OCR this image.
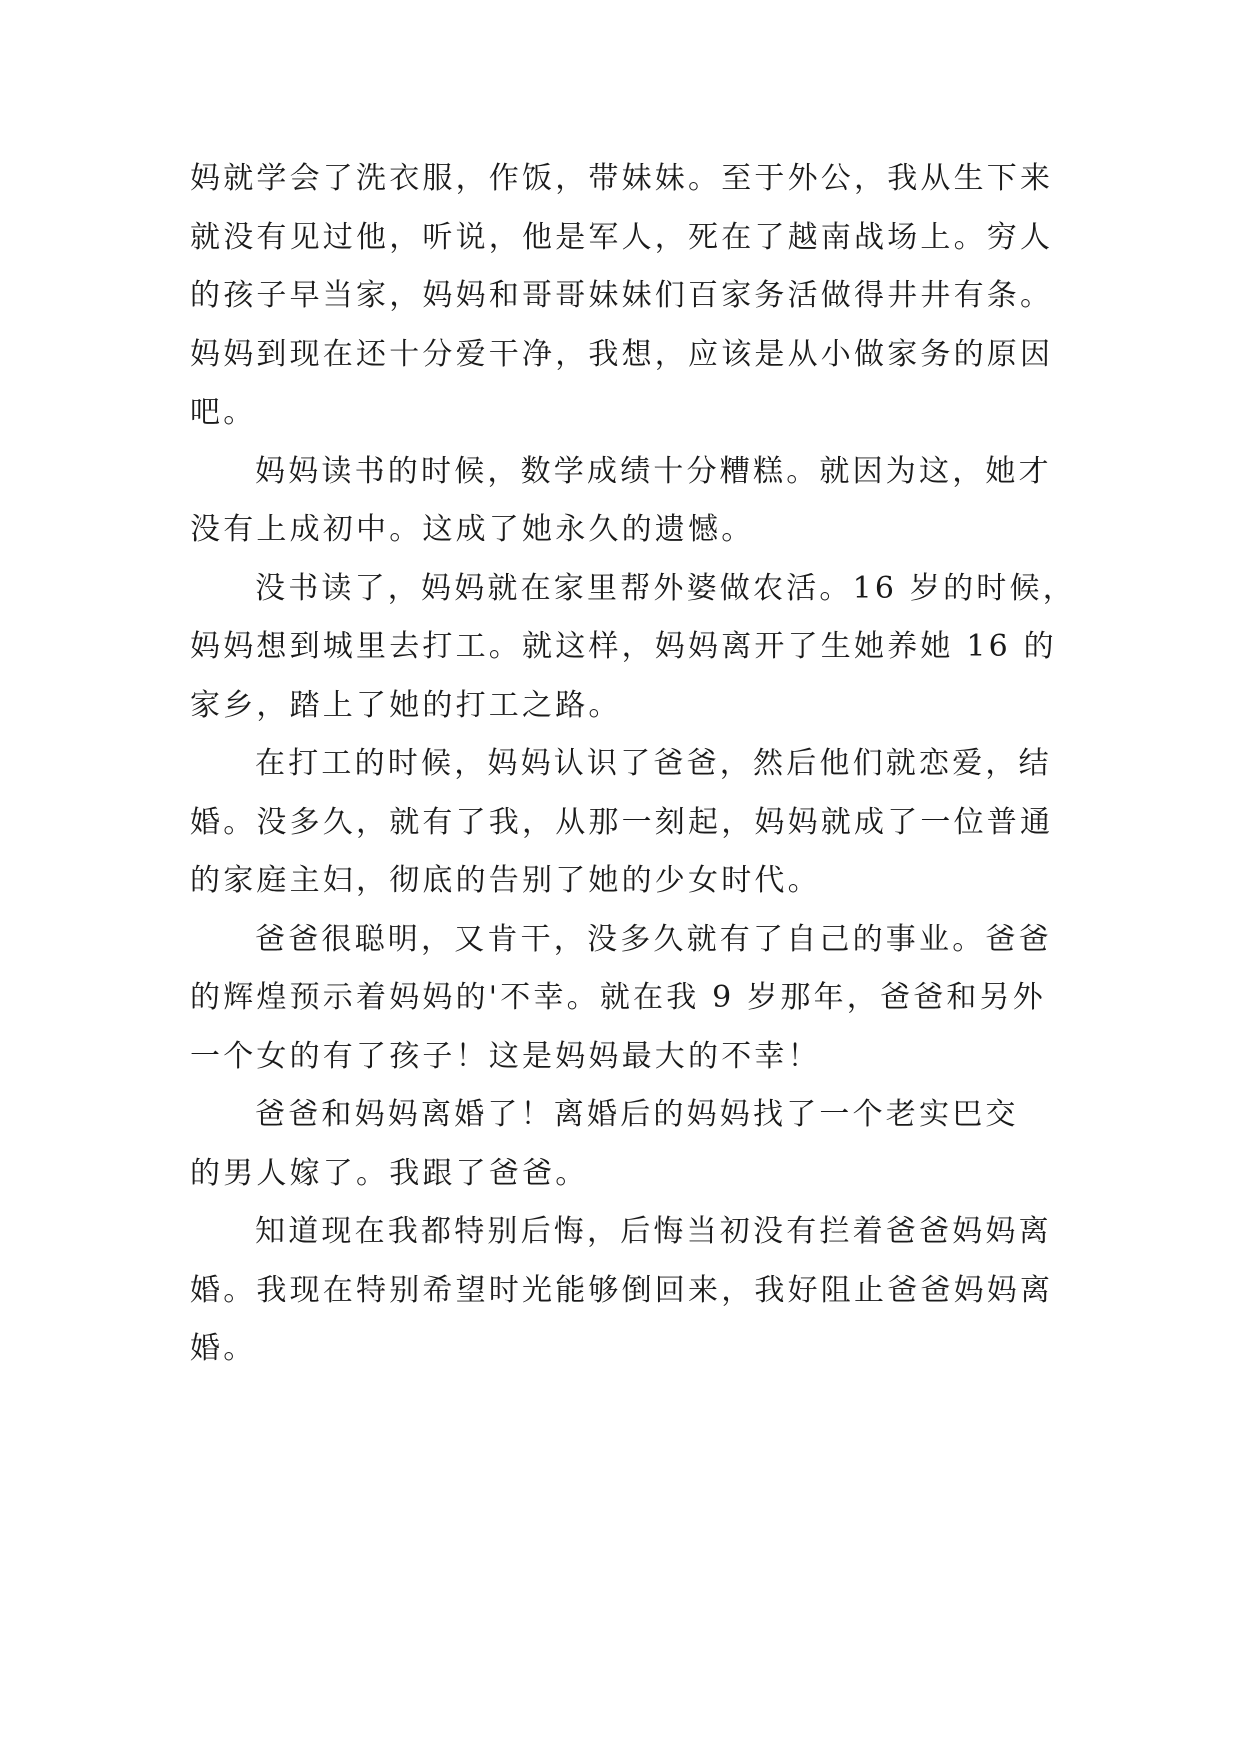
妈就学会了洗衣服，作饭，带妹妹。至于外公，我从生下来
就没有见过他，听说，他是军人，死在了越南战场上。穷人
的孩子早当家，妈妈和哥哥妹妹们百家务活做得井井有条。
妈妈到现在还十分爱干净，我想，应该是从小做家务的原因
吧。
妈妈读书的时候，数学成绩十分糟糕。就因为这，她才
没有上成初中。这成了她永久的遗憾。
没书读了，妈妈就在家里帮外婆做农活。16 岁的时候，
妈妈想到城里去打工。就这样，妈妈离开了生她养她 16 的
家乡，踏上了她的打工之路。
在打工的时候，妈妈认识了爸爸，然后他们就恋爱，结
婚。没多久，就有了我，从那一刻起，妈妈就成了一位普通
的家庭主妇，彻底的告别了她的少女时代。
爸爸很聪明，又肯干，没多久就有了自己的事业。爸爸
的辉煌预示着妈妈的'不幸。就在我 9 岁那年，爸爸和另外
一个女的有了孩子！这是妈妈最大的不幸！
爸爸和妈妈离婚了！离婚后的妈妈找了一个老实巴交
的男人嫁了。我跟了爸爸。
知道现在我都特别后悔，后悔当初没有拦着爸爸妈妈离
婚。我现在特别希望时光能够倒回来，我好阻止爸爸妈妈离
婚。
